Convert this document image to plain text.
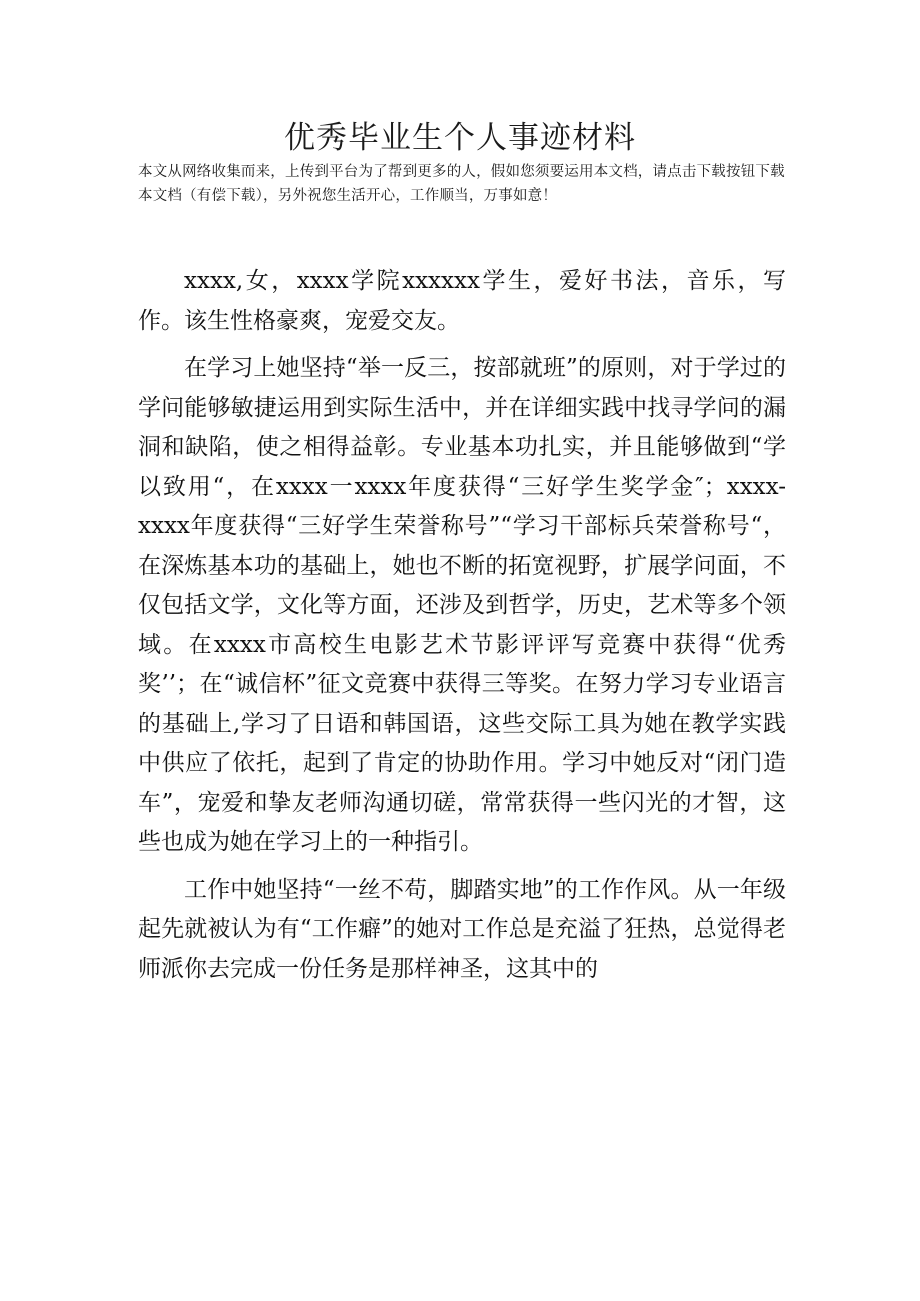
优秀毕业生个人事迹材料

本文从网络收集而来，上传到平台为了帮到更多的人，假如您须要运用本文档，请点击下载按钮下载本文档（有偿下载），另外祝您生活开心，工作顺当，万事如意！

xxxx,女，xxxx学院xxxxxx学生，爱好书法，音乐，写作。该生性格豪爽，宠爱交友。

在学习上她坚持“举一反三，按部就班”的原则，对于学过的学问能够敏捷运用到实际生活中，并在详细实践中找寻学问的漏洞和缺陷，使之相得益彰。专业基本功扎实，并且能够做到“学以致用“，在xxxx一xxxx年度获得“三好学生奖学金″；xxxx-xxxx年度获得“三好学生荣誉称号”“学习干部标兵荣誉称号“，在深炼基本功的基础上，她也不断的拓宽视野，扩展学问面，不仅包括文学，文化等方面，还涉及到哲学，历史，艺术等多个领域。在xxxx市高校生电影艺术节影评评写竞赛中获得“优秀奖’’；在“诚信杯”征文竞赛中获得三等奖。在努力学习专业语言的基础上,学习了日语和韩国语，这些交际工具为她在教学实践中供应了依托，起到了肯定的协助作用。学习中她反对“闭门造车”，宠爱和挚友老师沟通切磋，常常获得一些闪光的才智，这些也成为她在学习上的一种指引。

工作中她坚持“一丝不苟，脚踏实地”的工作作风。从一年级起先就被认为有“工作癖”的她对工作总是充溢了狂热，总觉得老师派你去完成一份任务是那样神圣，这其中的
